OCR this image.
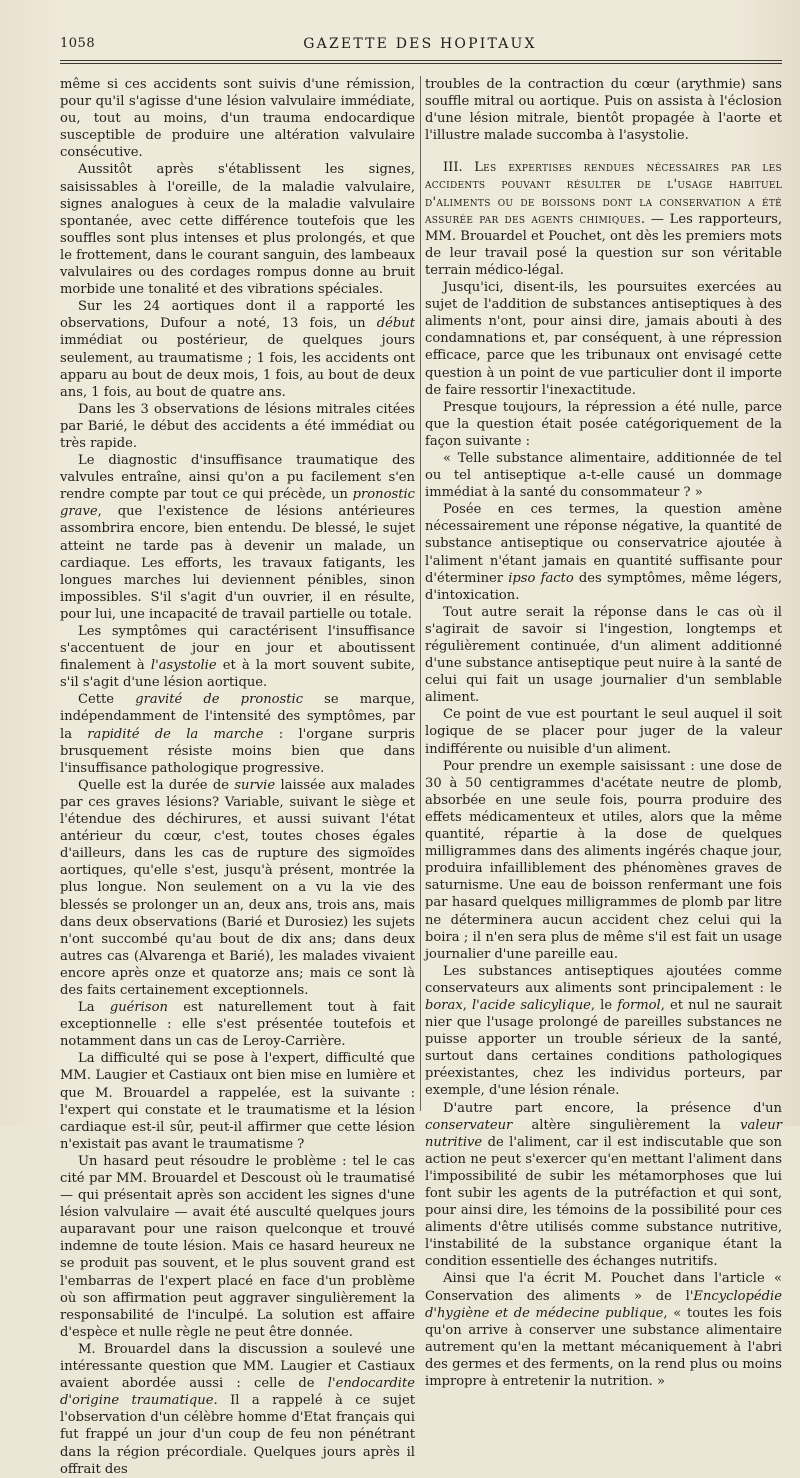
1058	GAZETTE DES HOPITAUX

même si ces accidents sont suivis d'une rémission, pour qu'il s'agisse d'une lésion valvulaire immédiate, ou, tout au moins, d'un trauma endocardique susceptible de produire une altération valvulaire consécutive.

Aussitôt après s'établissent les signes, saisissables à l'oreille, de la maladie valvulaire, signes analogues à ceux de la maladie valvulaire spontanée, avec cette différence toutefois que les souffles sont plus intenses et plus prolongés, et que le frottement, dans le courant sanguin, des lambeaux valvulaires ou des cordages rompus donne au bruit morbide une tonalité et des vibrations spéciales.

Sur les 24 aortiques dont il a rapporté les observations, Dufour a noté, 13 fois, un début immédiat ou postérieur, de quelques jours seulement, au traumatisme ; 1 fois, les accidents ont apparu au bout de deux mois, 1 fois, au bout de deux ans, 1 fois, au bout de quatre ans.

Dans les 3 observations de lésions mitrales citées par Barié, le début des accidents a été immédiat ou très rapide.

Le diagnostic d'insuffisance traumatique des valvules entraîne, ainsi qu'on a pu facilement s'en rendre compte par tout ce qui précède, un pronostic grave, que l'existence de lésions antérieures assombrira encore, bien entendu. De blessé, le sujet atteint ne tarde pas à devenir un malade, un cardiaque. Les efforts, les travaux fatigants, les longues marches lui deviennent pénibles, sinon impossibles. S'il s'agit d'un ouvrier, il en résulte, pour lui, une incapacité de travail partielle ou totale.

Les symptômes qui caractérisent l'insuffisance s'accentuent de jour en jour et aboutissent finalement à l'asystolie et à la mort souvent subite, s'il s'agit d'une lésion aortique.

Cette gravité de pronostic se marque, indépendamment de l'intensité des symptômes, par la rapidité de la marche : l'organe surpris brusquement résiste moins bien que dans l'insuffisance pathologique progressive.

Quelle est la durée de survie laissée aux malades par ces graves lésions? Variable, suivant le siège et l'étendue des déchirures, et aussi suivant l'état antérieur du cœur, c'est, toutes choses égales d'ailleurs, dans les cas de rupture des sigmoïdes aortiques, qu'elle s'est, jusqu'à présent, montrée la plus longue. Non seulement on a vu la vie des blessés se prolonger un an, deux ans, trois ans, mais dans deux observations (Barié et Durosiez) les sujets n'ont succombé qu'au bout de dix ans; dans deux autres cas (Alvarenga et Barié), les malades vivaient encore après onze et quatorze ans; mais ce sont là des faits certainement exceptionnels.

La guérison est naturellement tout à fait exceptionnelle : elle s'est présentée toutefois et notamment dans un cas de Leroy-Carrière.

La difficulté qui se pose à l'expert, difficulté que MM. Laugier et Castiaux ont bien mise en lumière et que M. Brouardel a rappelée, est la suivante : l'expert qui constate et le traumatisme et la lésion cardiaque est-il sûr, peut-il affirmer que cette lésion n'existait pas avant le traumatisme ?

Un hasard peut résoudre le problème : tel le cas cité par MM. Brouardel et Descoust où le traumatisé — qui présentait après son accident les signes d'une lésion valvulaire — avait été ausculté quelques jours auparavant pour une raison quelconque et trouvé indemne de toute lésion. Mais ce hasard heureux ne se produit pas souvent, et le plus souvent grand est l'embarras de l'expert placé en face d'un problème où son affirmation peut aggraver singulièrement la responsabilité de l'inculpé. La solution est affaire d'espèce et nulle règle ne peut être donnée.

M. Brouardel dans la discussion a soulevé une intéressante question que MM. Laugier et Castiaux avaient abordée aussi : celle de l'endocardite d'origine traumatique. Il a rappelé à ce sujet l'observation d'un célèbre homme d'Etat français qui fut frappé un jour d'un coup de feu non pénétrant dans la région précordiale. Quelques jours après il offrait des

troubles de la contraction du cœur (arythmie) sans souffle mitral ou aortique. Puis on assista à l'éclosion d'une lésion mitrale, bientôt propagée à l'aorte et l'illustre malade succomba à l'asystolie.

III. Les expertises rendues nécessaires par les accidents pouvant résulter de l'usage habituel d'aliments ou de boissons dont la conservation a été assurée par des agents chimiques. — Les rapporteurs, MM. Brouardel et Pouchet, ont dès les premiers mots de leur travail posé la question sur son véritable terrain médico-légal.

Jusqu'ici, disent-ils, les poursuites exercées au sujet de l'addition de substances antiseptiques à des aliments n'ont, pour ainsi dire, jamais abouti à des condamnations et, par conséquent, à une répression efficace, parce que les tribunaux ont envisagé cette question à un point de vue particulier dont il importe de faire ressortir l'inexactitude.

Presque toujours, la répression a été nulle, parce que la question était posée catégoriquement de la façon suivante :

« Telle substance alimentaire, additionnée de tel ou tel antiseptique a-t-elle causé un dommage immédiat à la santé du consommateur ? »

Posée en ces termes, la question amène nécessairement une réponse négative, la quantité de substance antiseptique ou conservatrice ajoutée à l'aliment n'étant jamais en quantité suffisante pour d'éterminer ipso facto des symptômes, même légers, d'intoxication.

Tout autre serait la réponse dans le cas où il s'agirait de savoir si l'ingestion, longtemps et régulièrement continuée, d'un aliment additionné d'une substance antiseptique peut nuire à la santé de celui qui fait un usage journalier d'un semblable aliment.

Ce point de vue est pourtant le seul auquel il soit logique de se placer pour juger de la valeur indifférente ou nuisible d'un aliment.

Pour prendre un exemple saisissant : une dose de 30 à 50 centigrammes d'acétate neutre de plomb, absorbée en une seule fois, pourra produire des effets médicamenteux et utiles, alors que la même quantité, répartie à la dose de quelques milligrammes dans des aliments ingérés chaque jour, produira infailliblement des phénomènes graves de saturnisme. Une eau de boisson renfermant une fois par hasard quelques milligrammes de plomb par litre ne déterminera aucun accident chez celui qui la boira ; il n'en sera plus de même s'il est fait un usage journalier d'une pareille eau.

Les substances antiseptiques ajoutées comme conservateurs aux aliments sont principalement : le borax, l'acide salicylique, le formol, et nul ne saurait nier que l'usage prolongé de pareilles substances ne puisse apporter un trouble sérieux de la santé, surtout dans certaines conditions pathologiques préexistantes, chez les individus porteurs, par exemple, d'une lésion rénale.

D'autre part encore, la présence d'un conservateur altère singulièrement la valeur nutritive de l'aliment, car il est indiscutable que son action ne peut s'exercer qu'en mettant l'aliment dans l'impossibilité de subir les métamorphoses que lui font subir les agents de la putréfaction et qui sont, pour ainsi dire, les témoins de la possibilité pour ces aliments d'être utilisés comme substance nutritive, l'instabilité de la substance organique étant la condition essentielle des échanges nutritifs.

Ainsi que l'a écrit M. Pouchet dans l'article « Conservation des aliments » de l'Encyclopédie d'hygiène et de médecine publique, « toutes les fois qu'on arrive à conserver une substance alimentaire autrement qu'en la mettant mécaniquement à l'abri des germes et des ferments, on la rend plus ou moins impropre à entretenir la nutrition. »
